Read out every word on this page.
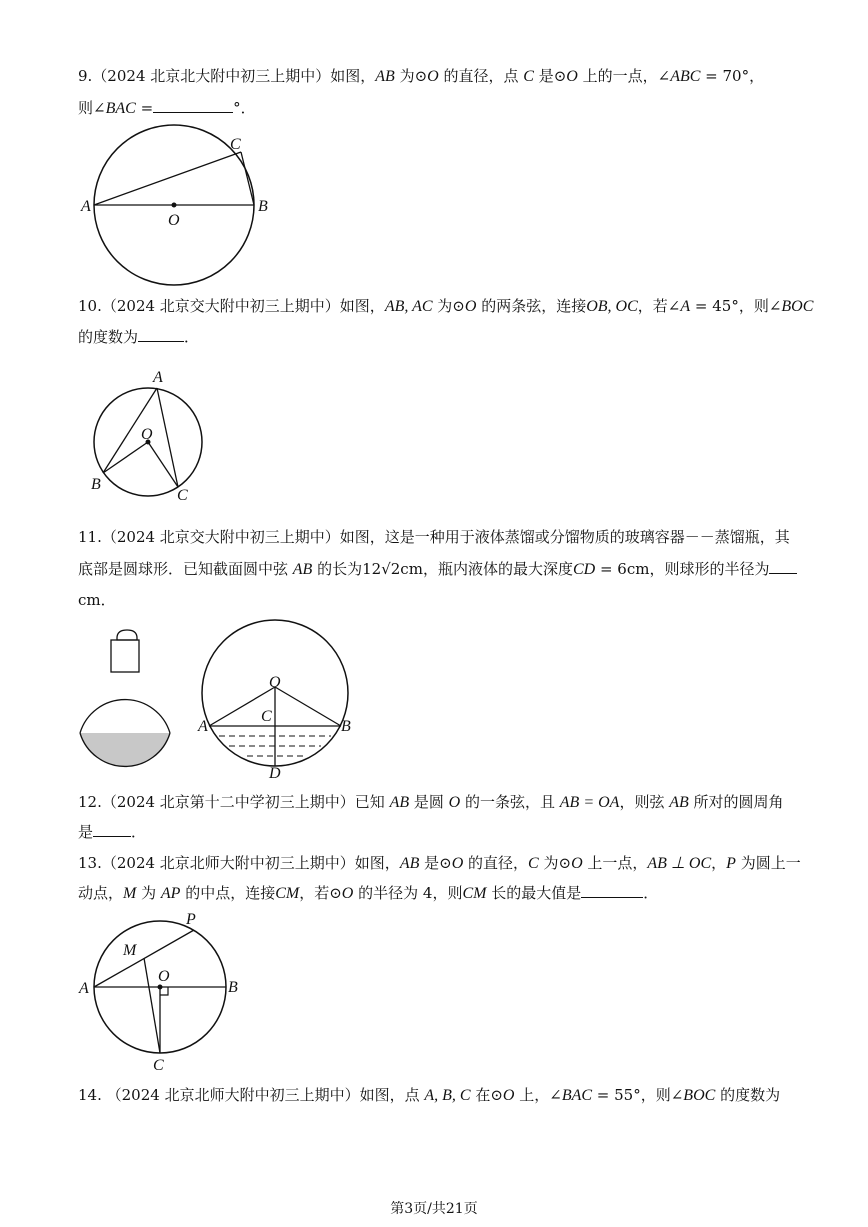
9.（2024 北京北大附中初三上期中）如图，AB 为⊙O 的直径，点 C 是⊙O 上的一点，∠ABC = 70°，
则∠BAC =	°．
A	B
C
O
10.（2024 北京交大附中初三上期中）如图，AB, AC 为⊙O 的两条弦，连接OB, OC，若∠A = 45°，则∠BOC
的度数为	．
A
B
C
O
11.（2024 北京交大附中初三上期中）如图，这是一种用于液体蒸馏或分馏物质的玻璃容器－－蒸馏瓶，其
底部是圆球形．已知截面圆中弦 AB 的长为12√2cm，瓶内液体的最大深度CD = 6cm，则球形的半径为
cm．
O
A	B
C
D
12.（2024 北京第十二中学初三上期中）已知 AB 是圆 O 的一条弦，且 AB = OA，则弦 AB 所对的圆周角
是	．
13.（2024 北京北师大附中初三上期中）如图，AB 是⊙O 的直径，C 为⊙O 上一点，AB ⊥ OC，P 为圆上一
动点，M 为 AP 的中点，连接CM，若⊙O 的半径为 4，则CM 长的最大值是	．
A	B
P
M
O
C
14. （2024 北京北师大附中初三上期中）如图，点 A, B, C 在⊙O 上，∠BAC = 55°，则∠BOC 的度数为
第3页/共21页
